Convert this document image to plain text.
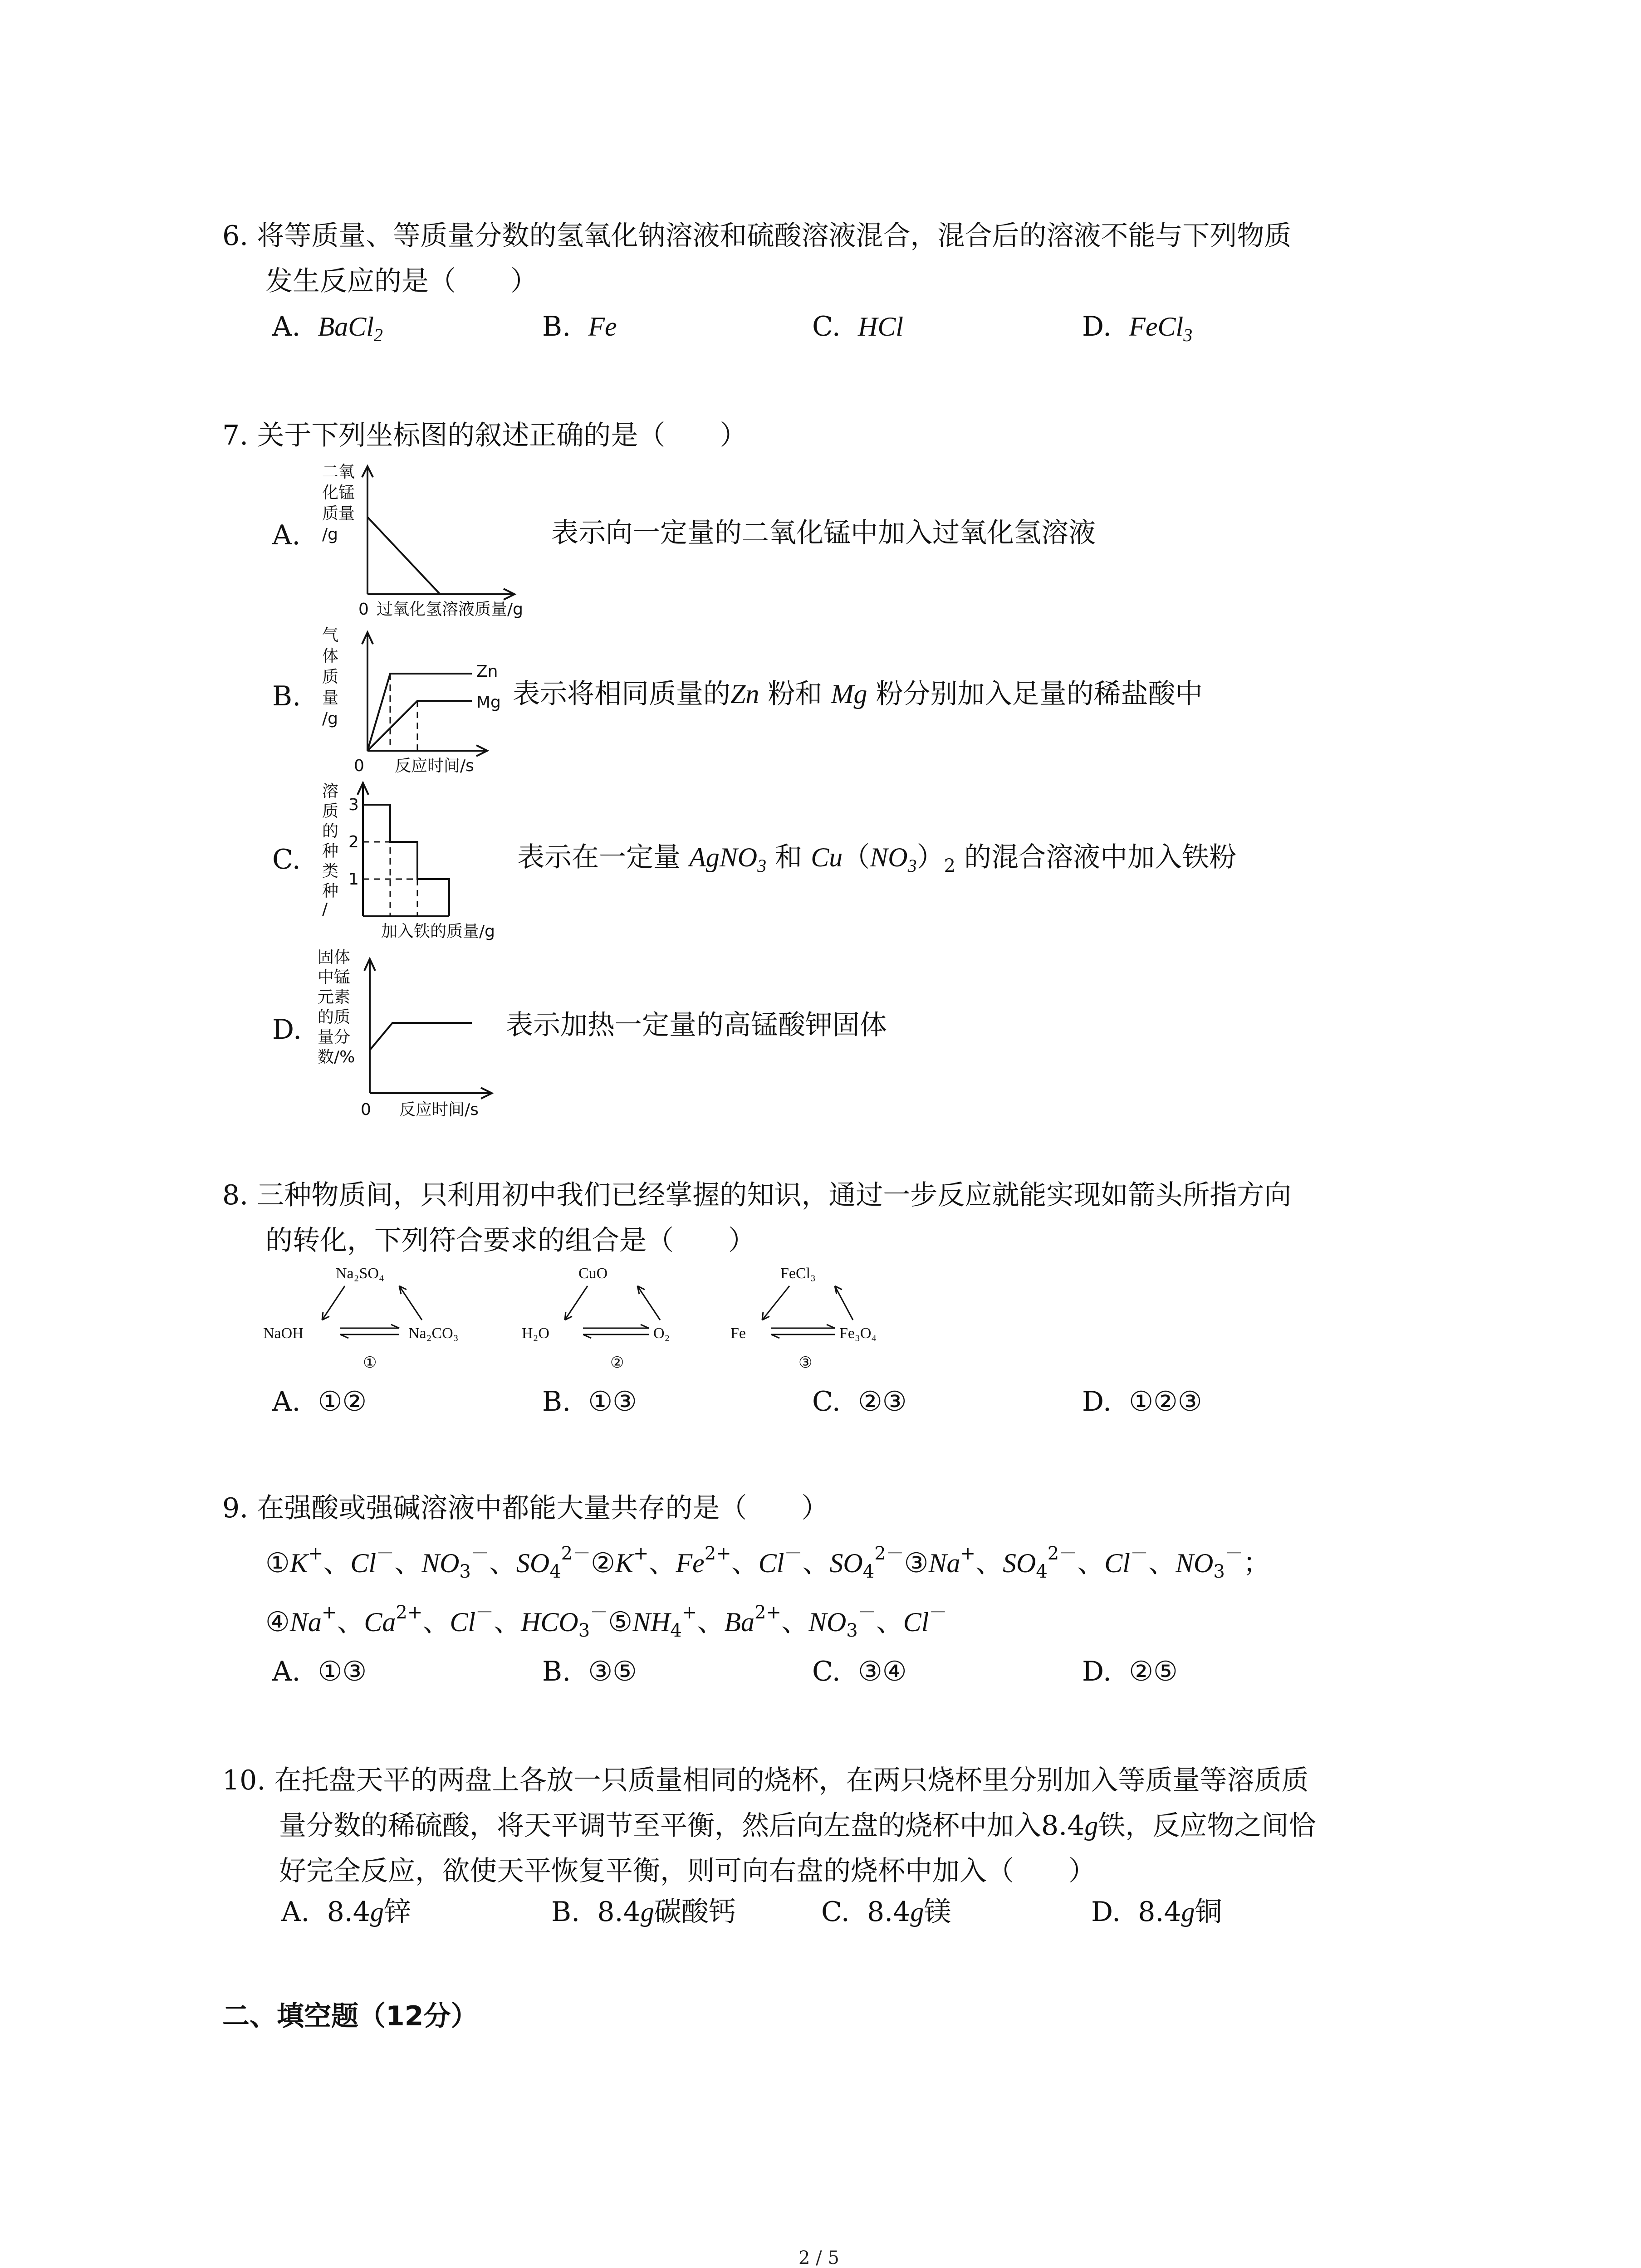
6. 将等质量、等质量分数的氢氧化钠溶液和硫酸溶液混合，混合后的溶液不能与下列物质
发生反应的是（　　）
A. BaCl$_2$	B. Fe	C. HCl	D. FeCl$_3$
7. 关于下列坐标图的叙述正确的是（　　）
A.
二氧
化锰
质量
/g
0 过氧化氢溶液质量/g
表示向一定量的二氧化锰中加入过氧化氢溶液
B.
气
体
质
量
/g
Zn
Mg
0 反应时间/s
表示将相同质量的Zn 粉和 Mg 粉分别加入足量的稀盐酸中
C.
溶
质
的
种
类
种
/
3
2
1
加入铁的质量/g
表示在一定量 AgNO$_3$ 和 $Cu(NO_3)_2$ 的混合溶液中加入铁粉
D.
固体
中锰
元素
的质
量分
数/%
0 反应时间/s
表示加热一定量的高锰酸钾固体
8. 三种物质间，只利用初中我们已经掌握的知识，通过一步反应就能实现如箭头所指方向
的转化，下列符合要求的组合是（　　）
Na₂SO₄
NaOH	Na₂CO₃
①
CuO
H₂O	O₂
②
FeCl₃
Fe	Fe₃O₄
③
A. ①②	B. ①③	C. ②③	D. ①②③
9. 在强酸或强碱溶液中都能大量共存的是（　　）
①K+、Cl－、$NO_3^-$、$SO_4^{2-}②K^+$、$Fe^{2+}$、Cl－、$SO_4^{2-}③Na^+$、$SO_4^{2-}$、Cl－、$NO_3^-$；
④Na+、$Ca^{2+}$、Cl－、$HCO_3^-⑤NH_4^+$、$Ba^{2+}$、$NO_3^-$、Cl－
A. ①③	B. ③⑤	C. ③④	D. ②⑤
10. 在托盘天平的两盘上各放一只质量相同的烧杯，在两只烧杯里分别加入等质量等溶质质
量分数的稀硫酸，将天平调节至平衡，然后向左盘的烧杯中加入8.4g铁，反应物之间恰
好完全反应，欲使天平恢复平衡，则可向右盘的烧杯中加入（　　）
A. 8.4g锌	B. 8.4g碳酸钙	C. 8.4g镁	D. 8.4g铜
二、填空题（12分）
2 / 5
